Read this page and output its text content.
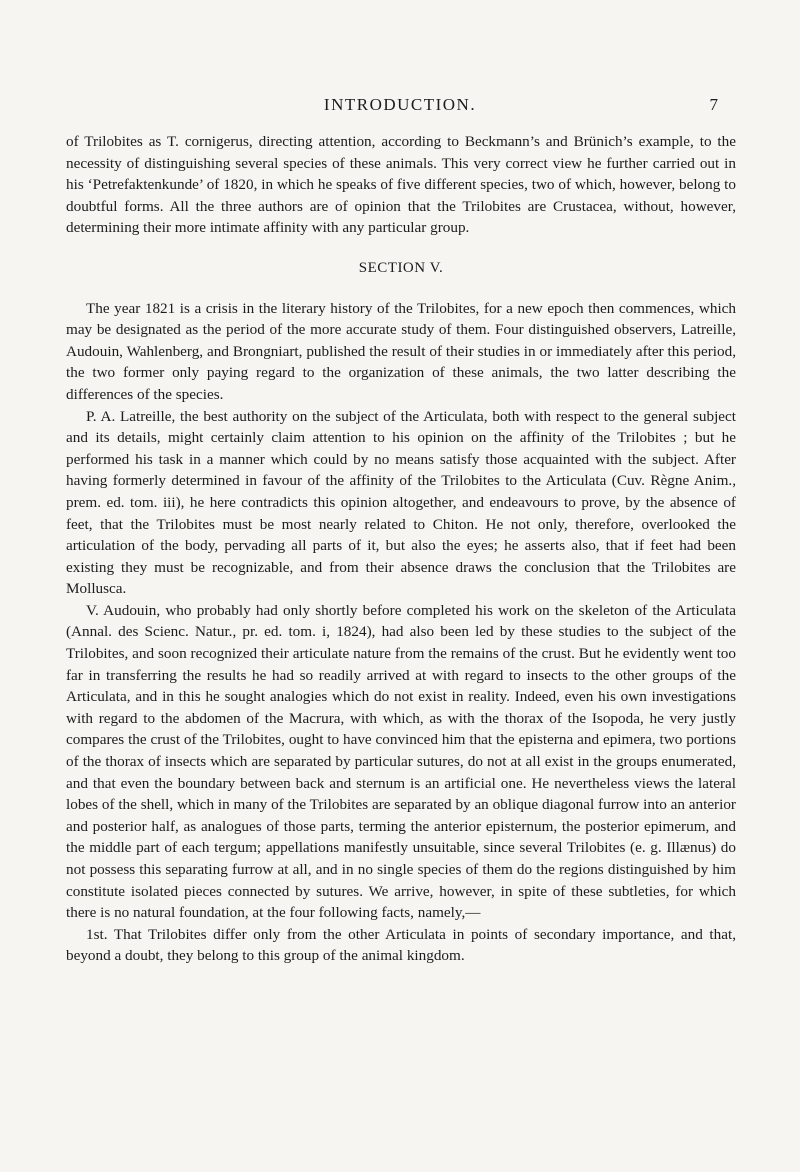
INTRODUCTION.	7

of Trilobites as T. cornigerus, directing attention, according to Beckmann’s and Brünich’s example, to the necessity of distinguishing several species of these animals. This very correct view he further carried out in his ‘Petrefaktenkunde’ of 1820, in which he speaks of five different species, two of which, however, belong to doubtful forms. All the three authors are of opinion that the Trilobites are Crustacea, without, however, determining their more intimate affinity with any particular group.

SECTION V.

The year 1821 is a crisis in the literary history of the Trilobites, for a new epoch then commences, which may be designated as the period of the more accurate study of them. Four distinguished observers, Latreille, Audouin, Wahlenberg, and Brongniart, published the result of their studies in or immediately after this period, the two former only paying regard to the organization of these animals, the two latter describing the differences of the species.

P. A. Latreille, the best authority on the subject of the Articulata, both with respect to the general subject and its details, might certainly claim attention to his opinion on the affinity of the Trilobites ; but he performed his task in a manner which could by no means satisfy those acquainted with the subject. After having formerly determined in favour of the affinity of the Trilobites to the Articulata (Cuv. Règne Anim., prem. ed. tom. iii), he here contradicts this opinion altogether, and endeavours to prove, by the absence of feet, that the Trilobites must be most nearly related to Chiton. He not only, therefore, overlooked the articulation of the body, pervading all parts of it, but also the eyes; he asserts also, that if feet had been existing they must be recognizable, and from their absence draws the conclusion that the Trilobites are Mollusca.

V. Audouin, who probably had only shortly before completed his work on the skeleton of the Articulata (Annal. des Scienc. Natur., pr. ed. tom. i, 1824), had also been led by these studies to the subject of the Trilobites, and soon recognized their articulate nature from the remains of the crust. But he evidently went too far in transferring the results he had so readily arrived at with regard to insects to the other groups of the Articulata, and in this he sought analogies which do not exist in reality. Indeed, even his own investigations with regard to the abdomen of the Macrura, with which, as with the thorax of the Isopoda, he very justly compares the crust of the Trilobites, ought to have convinced him that the episterna and epimera, two portions of the thorax of insects which are separated by particular sutures, do not at all exist in the groups enumerated, and that even the boundary between back and sternum is an artificial one. He nevertheless views the lateral lobes of the shell, which in many of the Trilobites are separated by an oblique diagonal furrow into an anterior and posterior half, as analogues of those parts, terming the anterior episternum, the posterior epimerum, and the middle part of each tergum; appellations manifestly unsuitable, since several Trilobites (e. g. Illænus) do not possess this separating furrow at all, and in no single species of them do the regions distinguished by him constitute isolated pieces connected by sutures. We arrive, however, in spite of these subtleties, for which there is no natural foundation, at the four following facts, namely,—

1st. That Trilobites differ only from the other Articulata in points of secondary importance, and that, beyond a doubt, they belong to this group of the animal kingdom.
